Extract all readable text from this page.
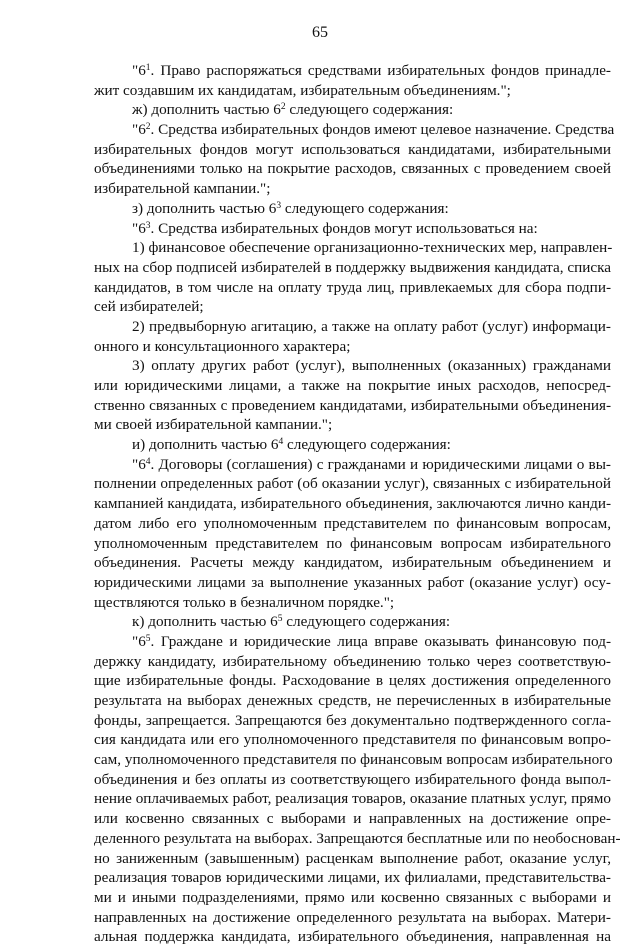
65
"$6^1$. Право распоряжаться средствами избирательных фондов принадле-
жит создавшим их кандидатам, избирательным объединениям.";
ж) дополнить частью $6^2$ следующего содержания:
"$6^2$. Средства избирательных фондов имеют целевое назначение. Средства
избирательных фондов могут использоваться кандидатами, избирательными
объединениями только на покрытие расходов, связанных с проведением своей
избирательной кампании.";
з) дополнить частью $6^3$ следующего содержания:
"$6^3$. Средства избирательных фондов могут использоваться на:
1) финансовое обеспечение организационно-технических мер, направлен-
ных на сбор подписей избирателей в поддержку выдвижения кандидата, списка
кандидатов, в том числе на оплату труда лиц, привлекаемых для сбора подпи-
сей избирателей;
2) предвыборную агитацию, а также на оплату работ (услуг) информаци-
онного и консультационного характера;
3) оплату других работ (услуг), выполненных (оказанных) гражданами
или юридическими лицами, а также на покрытие иных расходов, непосред-
ственно связанных с проведением кандидатами, избирательными объединения-
ми своей избирательной кампании.";
и) дополнить частью $6^4$ следующего содержания:
"$6^4$. Договоры (соглашения) с гражданами и юридическими лицами о вы-
полнении определенных работ (об оказании услуг), связанных с избирательной
кампанией кандидата, избирательного объединения, заключаются лично канди-
датом либо его уполномоченным представителем по финансовым вопросам,
уполномоченным представителем по финансовым вопросам избирательного
объединения. Расчеты между кандидатом, избирательным объединением и
юридическими лицами за выполнение указанных работ (оказание услуг) осу-
ществляются только в безналичном порядке.";
к) дополнить частью $6^5$ следующего содержания:
"$6^5$. Граждане и юридические лица вправе оказывать финансовую под-
держку кандидату, избирательному объединению только через соответствую-
щие избирательные фонды. Расходование в целях достижения определенного
результата на выборах денежных средств, не перечисленных в избирательные
фонды, запрещается. Запрещаются без документально подтвержденного согла-
сия кандидата или его уполномоченного представителя по финансовым вопро-
сам, уполномоченного представителя по финансовым вопросам избирательного
объединения и без оплаты из соответствующего избирательного фонда выпол-
нение оплачиваемых работ, реализация товаров, оказание платных услуг, прямо
или косвенно связанных с выборами и направленных на достижение опре-
деленного результата на выборах. Запрещаются бесплатные или по необоснован-
но заниженным (завышенным) расценкам выполнение работ, оказание услуг,
реализация товаров юридическими лицами, их филиалами, представительства-
ми и иными подразделениями, прямо или косвенно связанных с выборами и
направленных на достижение определенного результата на выборах. Матери-
альная поддержка кандидата, избирательного объединения, направленная на
